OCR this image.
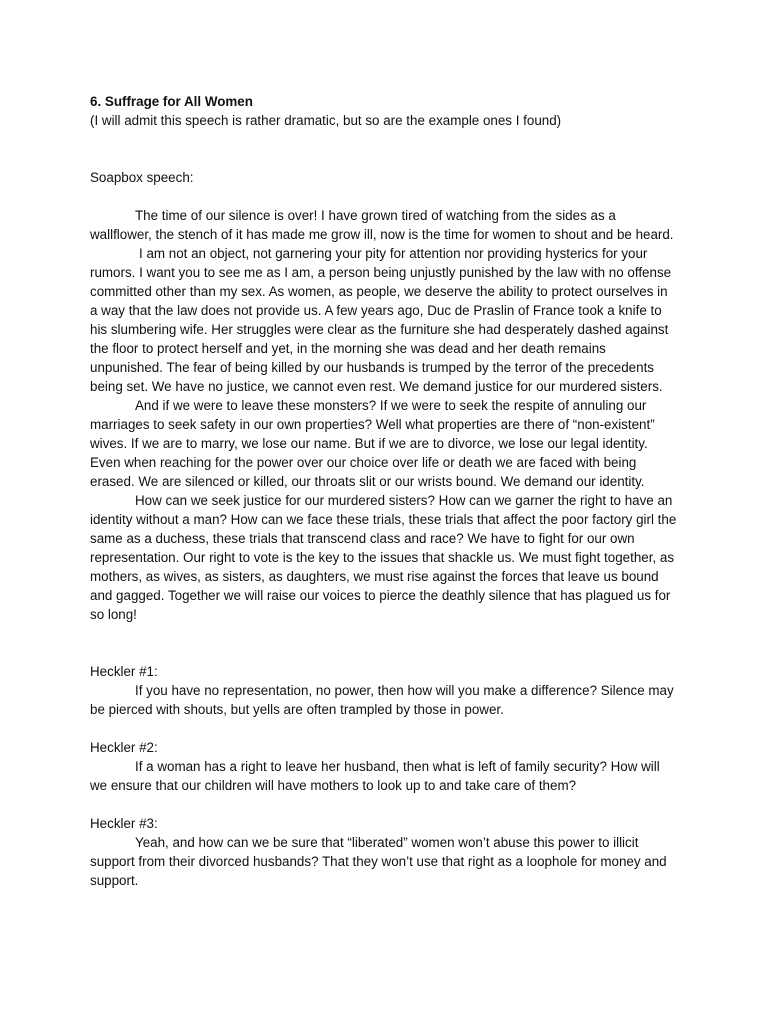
6. Suffrage for All Women

(I will admit this speech is rather dramatic, but so are the example ones I found)

Soapbox speech:

The time of our silence is over! I have grown tired of watching from the sides as a wallflower, the stench of it has made me grow ill, now is the time for women to shout and be heard.

I am not an object, not garnering your pity for attention nor providing hysterics for your rumors. I want you to see me as I am, a person being unjustly punished by the law with no offense committed other than my sex. As women, as people, we deserve the ability to protect ourselves in a way that the law does not provide us. A few years ago, Duc de Praslin of France took a knife to his slumbering wife. Her struggles were clear as the furniture she had desperately dashed against the floor to protect herself and yet, in the morning she was dead and her death remains unpunished. The fear of being killed by our husbands is trumped by the terror of the precedents being set. We have no justice, we cannot even rest. We demand justice for our murdered sisters.

And if we were to leave these monsters? If we were to seek the respite of annuling our marriages to seek safety in our own properties? Well what properties are there of “non-existent” wives. If we are to marry, we lose our name. But if we are to divorce, we lose our legal identity. Even when reaching for the power over our choice over life or death we are faced with being erased. We are silenced or killed, our throats slit or our wrists bound. We demand our identity.

How can we seek justice for our murdered sisters? How can we garner the right to have an identity without a man? How can we face these trials, these trials that affect the poor factory girl the same as a duchess, these trials that transcend class and race? We have to fight for our own representation. Our right to vote is the key to the issues that shackle us. We must fight together, as mothers, as wives, as sisters, as daughters, we must rise against the forces that leave us bound and gagged. Together we will raise our voices to pierce the deathly silence that has plagued us for so long!

Heckler #1:

If you have no representation, no power, then how will you make a difference? Silence may be pierced with shouts, but yells are often trampled by those in power.

Heckler #2:

If a woman has a right to leave her husband, then what is left of family security? How will we ensure that our children will have mothers to look up to and take care of them?

Heckler #3:

Yeah, and how can we be sure that “liberated” women won’t abuse this power to illicit support from their divorced husbands? That they won’t use that right as a loophole for money and support.
